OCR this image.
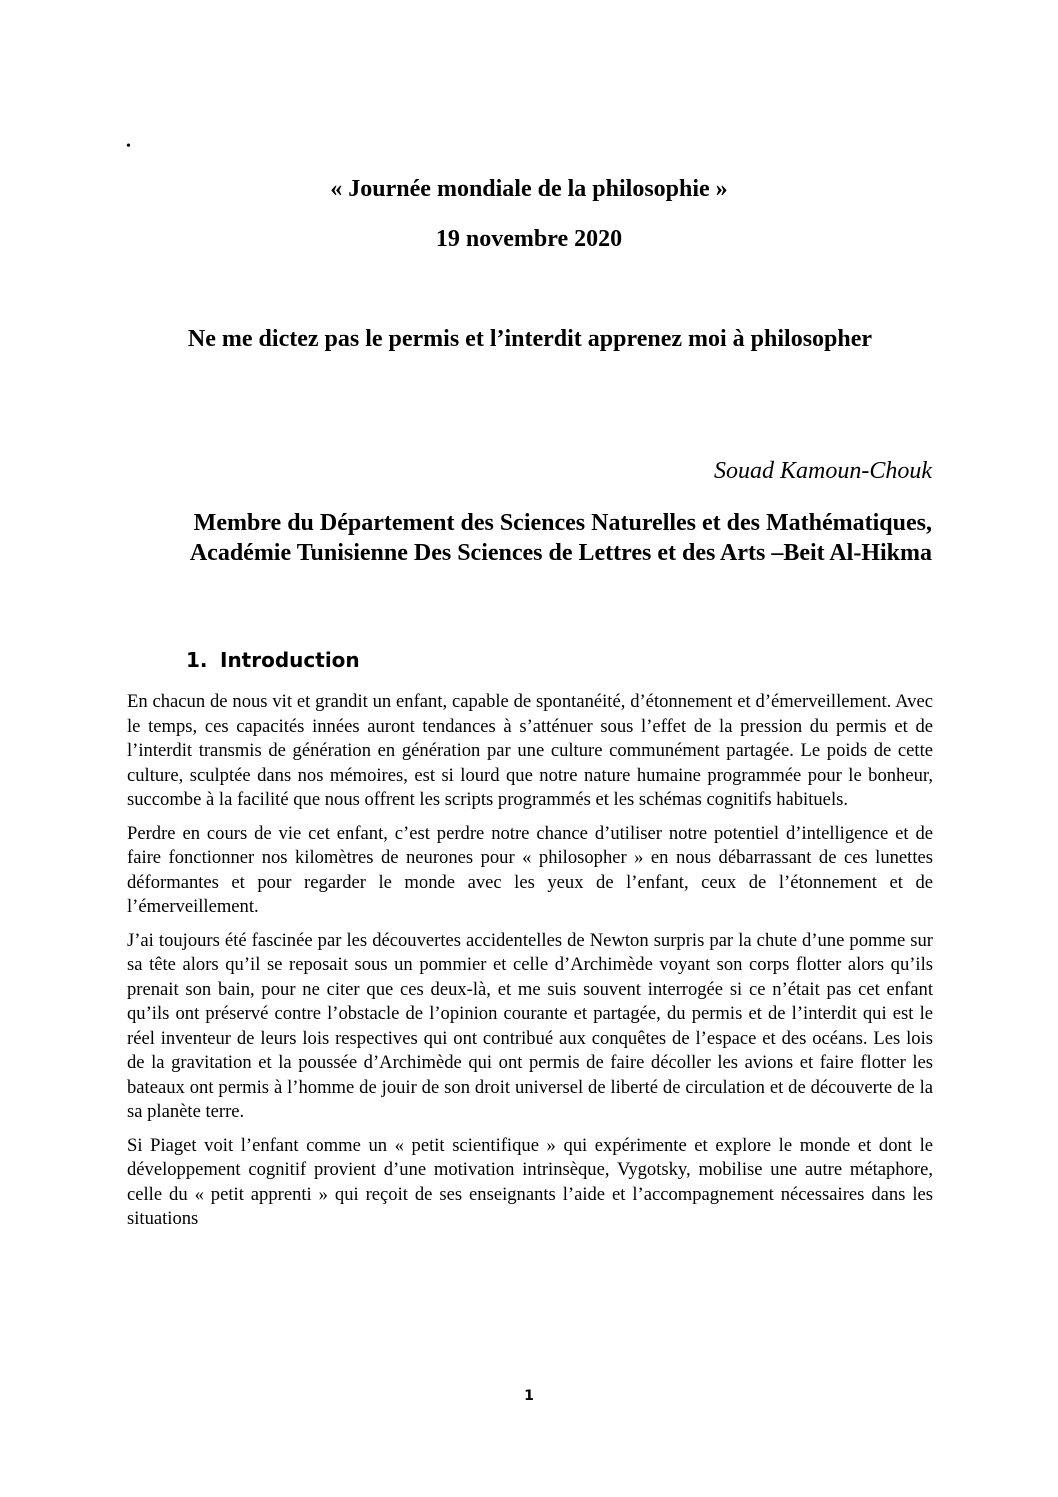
•
« Journée mondiale de la philosophie »
19 novembre 2020
Ne me dictez pas le permis et l’interdit apprenez moi à philosopher
Souad Kamoun-Chouk
Membre du Département des Sciences Naturelles et des Mathématiques, Académie Tunisienne Des Sciences de Lettres et des Arts –Beit Al-Hikma
1. Introduction

En chacun de nous vit et grandit un enfant, capable de spontanéité, d’étonnement et d’émerveillement. Avec le temps, ces capacités innées auront tendances à s’atténuer sous l’effet de la pression du permis et de l’interdit transmis de génération en génération par une culture communément partagée. Le poids de cette culture, sculptée dans nos mémoires, est si lourd que notre nature humaine programmée pour le bonheur, succombe à la facilité que nous offrent les scripts programmés et les schémas cognitifs habituels.

Perdre en cours de vie cet enfant, c’est perdre notre chance d’utiliser notre potentiel d’intelligence et de faire fonctionner nos kilomètres de neurones pour « philosopher » en nous débarrassant de ces lunettes déformantes et pour regarder le monde avec les yeux de l’enfant, ceux de l’étonnement et de l’émerveillement.

J’ai toujours été fascinée par les découvertes accidentelles de Newton surpris par la chute d’une pomme sur sa tête alors qu’il se reposait sous un pommier et celle d’Archimède voyant son corps flotter alors qu’ils prenait son bain, pour ne citer que ces deux-là, et me suis souvent interrogée si ce n’était pas cet enfant qu’ils ont préservé contre l’obstacle de l’opinion courante et partagée, du permis et de l’interdit qui est le réel inventeur de leurs lois respectives qui ont contribué aux conquêtes de l’espace et des océans. Les lois de la gravitation et la poussée d’Archimède qui ont permis de faire décoller les avions et faire flotter les bateaux ont permis à l’homme de jouir de son droit universel de liberté de circulation et de découverte de la sa planète terre.

Si Piaget voit l’enfant comme un « petit scientifique » qui expérimente et explore le monde et dont le développement cognitif provient d’une motivation intrinsèque, Vygotsky, mobilise une autre métaphore, celle du « petit apprenti » qui reçoit de ses enseignants l’aide et l’accompagnement nécessaires dans les situations

1
